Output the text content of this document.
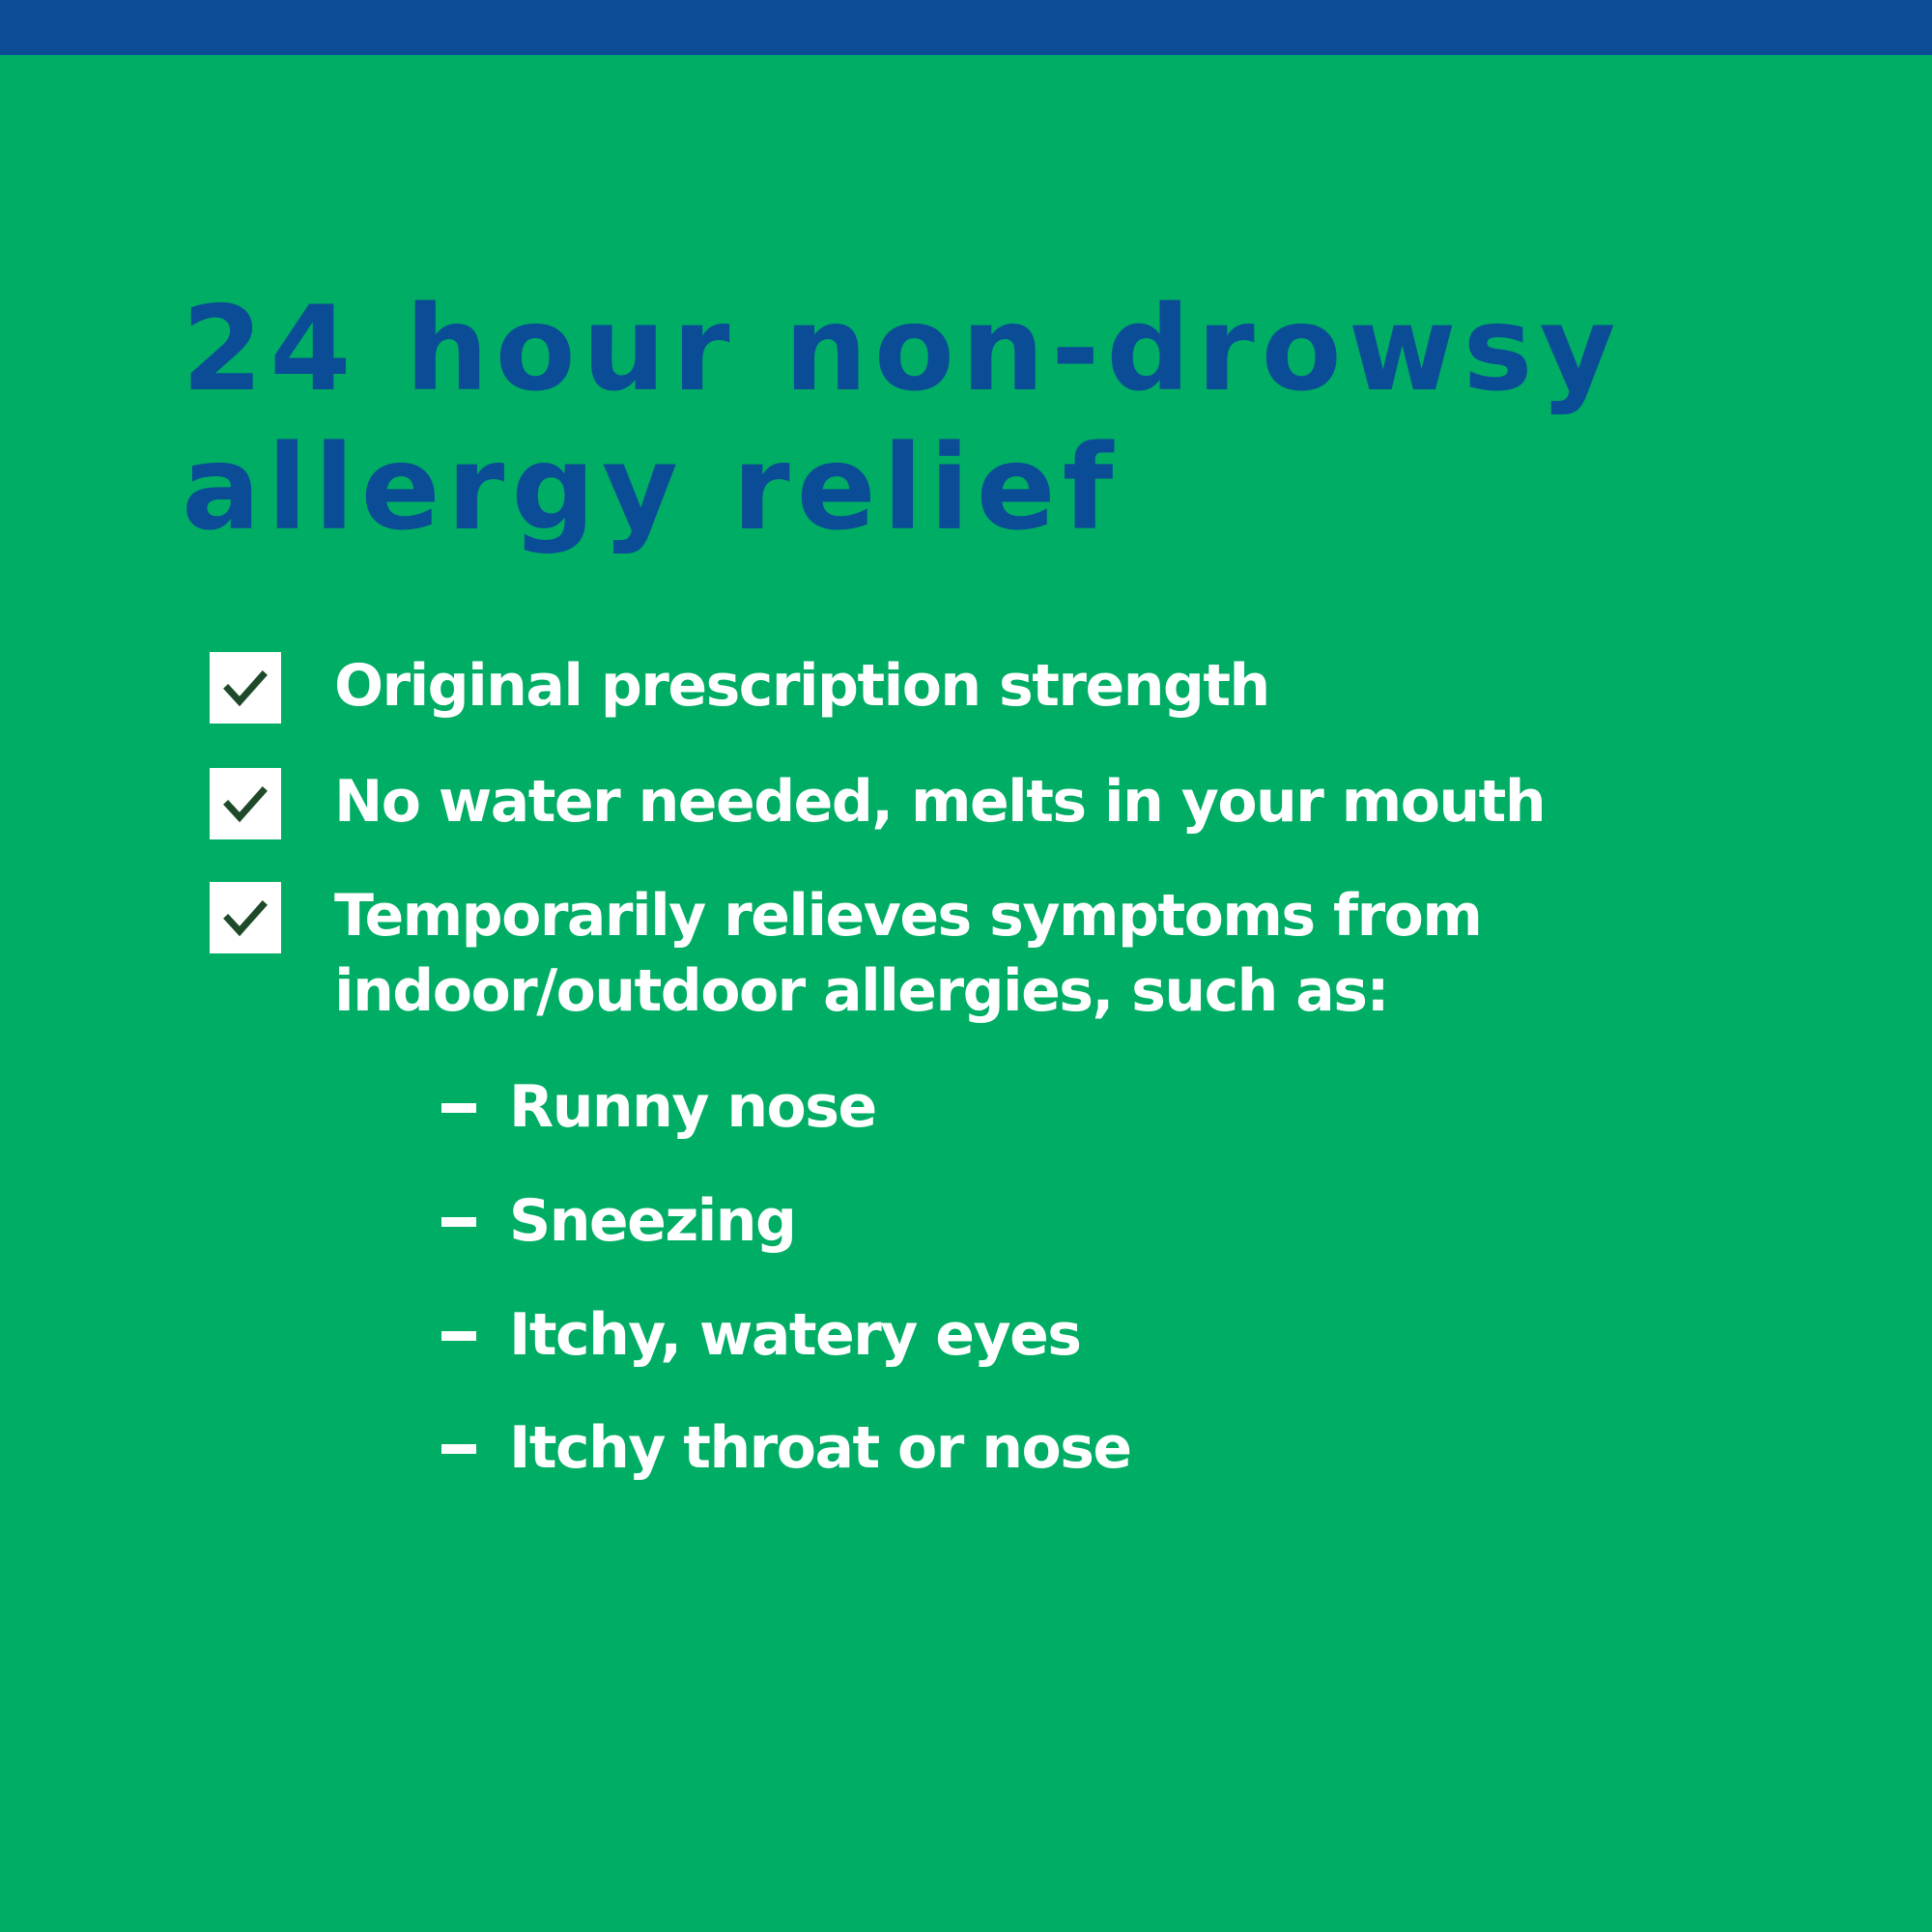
24 hour non-drowsy
allergy relief
Original prescription strength
No water needed, melts in your mouth
Temporarily relieves symptoms from
indoor/outdoor allergies, such as:
Runny nose
Sneezing
Itchy, watery eyes
Itchy throat or nose
